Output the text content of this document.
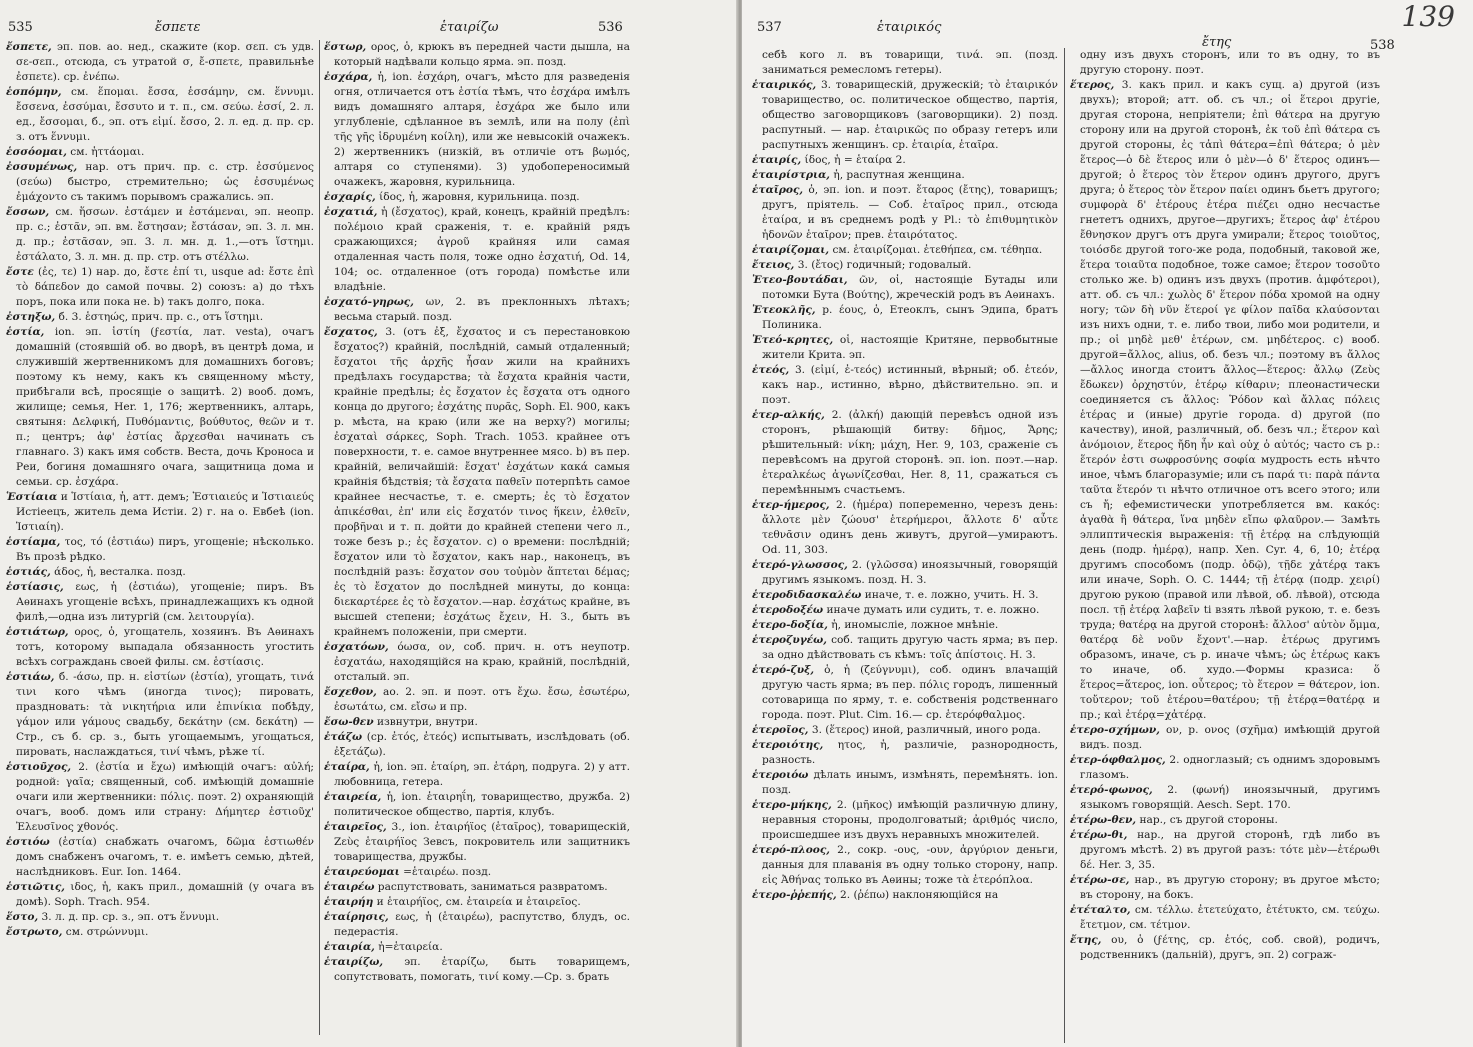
535	ἔσπετε	ἑταιρίζω	536

ἔσπετε, эп. пов. ао. нед., скажите (кор. σεπ. съ удв. σε-σεπ., отсюда, съ утратой σ, ἔ-σπετε, правильнѣе ἐσπετε). ср. ἐνέπω.

ἑσπόμην, см. ἕπομαι. ἔσσα, ἑσσάμην, см. ἕννυμι. ἔσσενα, ἐσσύμαι, ἔσσυτο и т. п., см. σεύω. ἐσσί, 2. л. ед., ἔσσομαι, б., эп. отъ εἰμί. ἔσσο, 2. л. ед. д. пр. ср. з. отъ ἕννυμι.

ἑσσόομαι, см. ἡττάομαι.

ἐσσυμένως, нар. отъ прич. пр. с. стр. ἐσσύμενος (σεύω) быстро, стремительно; ὡς ἐσσυμένως ἐμάχοντο съ такимъ порывомъ сражались. эп.

ἔσσων, см. ἥσσων. ἐστάμεν и ἐστάμεναι, эп. неопр. пр. с.; ἐστᾶν, эп. вм. ἔστησαν; ἔστάσαν, эп. 3. л. мн. д. пр.; ἐστᾶσαν, эп. 3. л. мн. д. 1.,—отъ ἵστημι. ἐστάλατο, 3. л. мн. д. пр. стр. отъ στέλλω.

ἔστε (ἐς, τε) 1) нар. до, ἔστε ἐπί τι, usque ad: ἔστε ἐπὶ τὸ δάπεδον до самой почвы. 2) союзъ: а) до тѣхъ поръ, пока или пока не. b) такъ долго, пока.

ἐστηξω, б. 3. ἑστηώς, прич. пр. с., отъ ἵστημι.

ἑστία, ion. эп. ἱστίη (ϝεστία, лат. vesta), очагъ домашній (стоявшій об. во дворѣ, въ центрѣ дома, и служившій жертвенникомъ для домашнихъ боговъ; поэтому къ нему, какъ къ священному мѣсту, прибѣгали всѣ, просящіе о защитѣ. 2) вооб. домъ, жилище; семья, Her. 1, 176; жертвенникъ, алтарь, святыня: Δελφική, Πυθόμαντις, βούθυτος, θεῶν и т. п.; центръ; ἀφ' ἑστίας ἄρχεσθαι начинать съ главнаго. 3) какъ имя собств. Веста, дочь Кроноса и Реи, богиня домашняго очага, защитница дома и семьи. ср. ἐσχάρα.

Ἑστίαια и Ἱστίαια, ἡ, атт. демъ; Ἑστιαιεύς и Ἱστιαιεύς Истіеецъ, житель дема Истіи. 2) г. на о. Евбеѣ (ion. Ἱστιαίη).

ἑστίαμα, τος, τό (ἑστιάω) пиръ, угощеніе; нѣсколько. Въ прозѣ рѣдко.

ἑστιάς, άδος, ἡ, весталка. позд.

ἑστίασις, εως, ἡ (ἑστιάω), угощеніе; пиръ. Въ Аѳинахъ угощеніе всѣхъ, принадлежащихъ къ одной филѣ,—одна изъ литургій (см. λειτουργία).

ἑστιάτωρ, ορος, ὁ, угощатель, хозяинъ. Въ Аѳинахъ тотъ, которому выпадала обязанность угостить всѣхъ сограждань своей филы. см. ἑστίασις.

ἑστιάω, б. -άσω, пр. н. εἱστίων (ἑστία), угощать, τινά τινι кого чѣмъ (иногда τινος); пировать, праздновать: τὰ νικητήρια или ἐπινίκια побѣду, γάμον или γάμους свадьбу, δεκάτην (см. δεκάτη) — Стр., съ б. ср. з., быть угощаемымъ, угощаться, пировать, наслаждаться, τινί чѣмъ, рѣже τί.

ἑστιοῦχος, 2. (ἑστία и ἔχω) имѣющій очагъ: αὐλή; родной: γαῖα; священный, соб. имѣющій домашніе очаги или жертвенники: πόλις. поэт. 2) охраняющій очагъ, вооб. домъ или страну: Δήμητερ ἑστιοῦχ' Ἐλευσῖνος χθονός.

ἑστιόω (ἑστία) снабжать очагомъ, δῶμα ἑστιωθέν домъ снабженъ очагомъ, т. е. имѣетъ семью, дѣтей, наслѣдниковъ. Eur. Ion. 1464.

ἑστιῶτις, ιδος, ἡ, какъ прил., домашній (у очага въ домѣ). Soph. Trach. 954.

ἕστο, 3. л. д. пр. ср. з., эп. отъ ἕννυμι.

ἔστρωτο, см. στρώννυμι.

ἕστωρ, ορος, ὁ, крюкъ въ передней части дышла, на который надѣвали кольцо ярма. эп. позд.

ἐσχάρα, ἡ, ion. ἐσχάρη, очагъ, мѣсто для разведенія огня, отличается отъ ἑστία тѣмъ, что ἐσχάρα имѣлъ видъ домашняго алтаря, ἐσχάρα же было или углубленіе, сдѣланное въ землѣ, или на полу (ἐπὶ τῆς γῆς ἱδρυμένη κοίλη), или же невысокій очажекъ. 2) жертвенникъ (низкій, въ отличіе отъ βωμός, алтаря со ступенями). 3) удобопереносимый очажекъ, жаровня, курильница.

ἐσχαρίς, ίδος, ἡ, жаровня, курильница. позд.

ἐσχατιά, ἡ (ἔσχατος), край, конецъ, крайній предѣлъ: πολέμοιο край сраженія, т. е. крайній рядъ сражающихся; ἀγροῦ крайняя или самая отдаленная часть поля, тоже одно ἐσχατιή, Od. 14, 104; ос. отдаленное (отъ города) помѣстье или владѣніе.

ἐσχατό-γηρως, ων, 2. въ преклонныхъ лѣтахъ; весьма старый. позд.

ἔσχατος, 3. (отъ ἐξ, ἔχσατος и съ перестановкою ἔσχατος?) крайній, послѣдній, самый отдаленный; ἔσχατοι τῆς ἀρχῆς ἦσαν жили на крайнихъ предѣлахъ государства; τὰ ἔσχατα крайнія части, крайніе предѣлы; ἐς ἔσχατον ἐς ἔσχατα отъ одного конца до другого; ἐσχάτης πυρᾶς, Soph. El. 900, какъ р. мѣста, на краю (или же на верху?) могилы; ἐσχαταὶ σάρκες, Soph. Trach. 1053. крайнее отъ поверхности, т. е. самое внутреннее мясо. b) въ пер. крайній, величайшій: ἔσχατ' ἐσχάτων κακά самыя крайнія бѣдствія; τὰ ἔσχατα παθεῖν потерпѣть самое крайнее несчастье, т. е. смерть; ἐς τὸ ἔσχατον ἀπικέσθαι, ἐπ' или εἰς ἔσχατόν τινος ἥκειν, ἐλθεῖν, προβῆναι и т. п. дойти до крайней степени чего л., тоже безъ р.; ἐς ἔσχατον. c) о времени: послѣдній; ἔσχατον или τὸ ἔσχατον, какъ нар., наконецъ, въ послѣдній разъ: ἔσχατον σου τοὐμὸν ἅπτεται δέμας; ἐς τὸ ἔσχατον до послѣдней минуты, до конца: διεκαρτέρεε ἐς τὸ ἔσχατον.—нар. ἐσχάτως крайне, въ высшей степени; ἐσχάτως ἔχειν, Н. З., быть въ крайнемъ положеніи, при смерти.

ἐσχατόων, όωσα, ον, соб. прич. н. отъ неупотр. ἐσχατάω, находящійся на краю, крайній, послѣдній, отсталый. эп.

ἔσχεθον, ао. 2. эп. и поэт. отъ ἔχω. ἔσω, ἐσωτέρω, ἐσωτάτω, см. εἴσω и пр.

ἔσω-θεν извнутри, внутри.

ἐτάζω (ср. ἐτός, ἐτεός) испытывать, изслѣдовать (об. ἐξετάζω).

ἑταίρα, ἡ, ion. эп. ἑταίρη, эп. ἑτάρη, подруга. 2) у атт. любовница, гетера.

ἑταιρεία, ἡ, ion. ἑταιρηΐη, товарищество, дружба. 2) политическое общество, партія, клубъ.

ἑταιρεῖος, 3., ion. ἑταιρήϊος (ἑταῖρος), товарищескій, Ζεὺς ἑταιρήϊος Зевсъ, покровитель или защитникъ товарищества, дружбы.

ἑταιρεύομαι =ἑταιρέω. позд.

ἑταιρέω распутствовать, заниматься развратомъ.

ἑταιρήη и ἑταιρήϊος, см. ἑταιρεία и ἑταιρεῖος.

ἑταίρησις, εως, ἡ (ἑταιρέω), распутство, блудъ, ос. педерастія.

ἑταιρία, ἡ=ἑταιρεία.

ἑταιρίζω, эп. ἑταρίζω, быть товарищемъ, сопутствовать, помогать, τινί кому.—Ср. з. брать

537	ἑταιρικός
ἔτης	538

себѣ кого л. въ товарищи, τινά. эп. (позд. заниматься ремесломъ гетеры).

ἑταιρικός, 3. товарищескій, дружескій; τὸ ἑταιρικόν товарищество, ос. политическое общество, партія, общество заговорщиковъ (заговорщики). 2) позд. распутный. — нар. ἑταιρικῶς по образу гетеръ или распутныхъ женщинъ. ср. ἑταιρία, ἑταῖρα.

ἑταιρίς, ίδος, ἡ = ἑταίρα 2.

ἑταιρίστρια, ἡ, распутная женщина.

ἑταῖρος, ὁ, эп. ion. и поэт. ἕταρος (ἔτης), товарищъ; другъ, пріятель. — Соб. ἑταῖρος прил., отсюда ἑταίρα, и въ среднемъ родѣ у Pl.: τὸ ἐπιθυμητικὸν ἡδονῶν ἑταῖρον; прев. ἑταιρότατος.

ἑταιρίζομαι, см. ἑταιρίζομαι. ἐτεθήπεα, см. τέθηπα.

ἔτειος, 3. (ἔτος) годичный; годовалый.

Ἐτεο-βουτάδαι, ῶν, οἱ, настоящіе Бутады или потомки Бута (Βούτης), жреческій родъ въ Аѳинахъ.

Ἐτεοκλῆς, р. έους, ὁ, Етеоклъ, сынъ Эдипа, братъ Полиника.

Ἐτεό-κρητες, οἱ, настоящіе Критяне, первобытные жители Крита. эп.

ἐτεός, 3. (εἰμί, ἐ-τεός) истинный, вѣрный; об. ἐτεόν, какъ нар., истинно, вѣрно, дѣйствительно. эп. и поэт.

ἑτερ-αλκής, 2. (ἀλκή) дающій перевѣсъ одной изъ сторонъ, рѣшающій битву: δῆμος, Ἄρης; рѣшительный: νίκη; μάχη, Her. 9, 103, сраженіе съ перевѣсомъ на другой сторонѣ. эп. ion. поэт.—нар. ἑτεραλκέως ἀγωνίζεσθαι, Her. 8, 11, сражаться съ перемѣннымъ счастьемъ.

ἑτερ-ήμερος, 2. (ἡμέρα) попеременно, черезъ день: ἄλλοτε μὲν ζώουσ' ἑτερήμεροι, ἄλλοτε δ' αὖτε τεθνᾶσιν одинъ день живутъ, другой—умираютъ. Od. 11, 303.

ἑτερό-γλωσσος, 2. (γλῶσσα) иноязычный, говорящій другимъ языкомъ. позд. Н. З.

ἑτεροδιδασκαλέω иначе, т. е. ложно, учить. Н. З.

ἑτεροδοξέω иначе думать или судить, т. е. ложно.

ἑτερο-δοξία, ἡ, иномысліе, ложное мнѣніе.

ἑτεροζυγέω, соб. тащить другую часть ярма; въ пер. за одно дѣйствовать съ кѣмъ: τοῖς ἀπίστοις. Н. З.

ἑτερό-ζυξ, ὁ, ἡ (ζεύγνυμι), соб. одинъ влачащій другую часть ярма; въ пер. πόλις городъ, лишенный сотоварища по ярму, т. е. собственія родственнаго города. поэт. Plut. Cim. 16.— ср. ἑτερόφθαλμος.

ἑτεροῖος, 3. (ἕτερος) иной, различный, иного рода.

ἑτεροιότης, ητος, ἡ, различіе, разнородность, разность.

ἑτεροιόω дѣлать инымъ, измѣнять, перемѣнять. ion. позд.

ἑτερο-μήκης, 2. (μῆκος) имѣющій различную длину, неравныя стороны, продолговатый; ἀριθμός число, происшедшее изъ двухъ неравныхъ множителей.

ἑτερό-πλοος, 2., сокр. -ους, -ουν, ἀργύριον деньги, данныя для плаванія въ одну только сторону, напр. εἰς Ἀθήνας только въ Аѳины; тоже τὰ ἑτερόπλοα.

ἑτερο-ῥῥεπής, 2. (ῥέπω) наклоняющійся на

одну изъ двухъ сторонъ, или то въ одну, то въ другую сторону. поэт.

ἕτερος, 3. какъ прил. и какъ сущ. а) другой (изъ двухъ); второй; атт. об. съ чл.; οἱ ἕτεροι другіе, другая сторона, непріятели; ἐπὶ θάτερα на другую сторону или на другой сторонѣ, ἐκ τοῦ ἐπὶ θάτερα съ другой стороны, ἐς τἀπὶ θάτερα=ἐπὶ θάτερα; ὁ μὲν ἕτερος—ὁ δὲ ἕτερος или ὁ μὲν—ὁ δ' ἕτερος одинъ—другой; ὁ ἕτερος τὸν ἕτερον одинъ другого, другъ друга; ὁ ἕτερος τὸν ἕτερον παίει одинъ бьетъ другого; συμφορὰ δ' ἑτέρους ἑτέρα πιέζει одно несчастье гнететъ однихъ, другое—другихъ; ἕτερος ἀφ' ἑτέρου ἔθνησκον другъ отъ друга умирали; ἕτερος τοιοῦτος, τοιόσδε другой того-же рода, подобный, таковой же, ἕτερα τοιαῦτα подобное, тоже самое; ἕτερον τοσοῦτο столько же. b) одинъ изъ двухъ (против. ἀμφότεροι), атт. об. съ чл.: χωλὸς δ' ἕτερον πόδα хромой на одну ногу; τῶν δὴ νῦν ἕτεροί γε φίλον παῖδα κλαύσονται изъ нихъ одни, т. е. либо твои, либо мои родители, и пр.; οἱ μηδὲ μεθ' ἑτέρων, см. μηδέτερος. c) вооб. другой=ἄλλος, alius, об. безъ чл.; поэтому въ ἄλλος—ἄλλος иногда стоитъ ἄλλος—ἕτερος: ἄλλῳ (Ζεὺς ἔδωκεν) ὀρχηστύν, ἑτέρῳ κίθαριν; плеонастически соединяется съ ἄλλος: Ῥόδον καὶ ἄλλας πόλεις ἑτέρας и (иные) другіе города. d) другой (по качеству), иной, различный, об. безъ чл.; ἕτερον καὶ ἀνόμοιον, ἕτερος ἤδη ἦν καὶ οὐχ ὁ αὐτός; часто съ р.: ἕτερόν ἐστι σωφροσύνης σοφία мудрость есть нѣчто иное, чѣмъ благоразуміе; или съ παρά τι: παρὰ πάντα ταῦτα ἕτερόν τι нѣчто отличное отъ всего этого; или съ ἤ; ефемистически употребляется вм. κακός: ἀγαθὰ ἢ θάτερα, ἵνα μηδὲν εἴπω φλαῦρον.— Замѣть эллиптическія выраженія: τῇ ἑτέρᾳ на слѣдующій день (подр. ἡμέρᾳ), напр. Xen. Cyr. 4, 6, 10; ἑτέρᾳ другимъ способомъ (подр. ὁδῷ), τῇδε χἀτέρᾳ такъ или иначе, Soph. O. C. 1444; τῇ ἑτέρᾳ (подр. χειρί) другою рукою (правой или лѣвой, об. лѣвой), отсюда посл. τῇ ἑτέρᾳ λαβεῖν ti взять лѣвой рукою, т. е. безъ труда; θατέρᾳ на другой сторонѣ: ἄλλοσ' αὐτὸν ὄμμα, θατέρᾳ δὲ νοῦν ἔχοντ'.—нар. ἑτέρως другимъ образомъ, иначе, съ р. иначе чѣмъ; ὡς ἑτέρως какъ то иначе, об. худо.—Формы кразиса: ὅ ἕτερος=ἅτερος, ion. οὗτερος; τὸ ἕτερον = θάτερον, ion. τοὔτερον; τοῦ ἑτέρου=θατέρου; τῇ ἑτέρᾳ=θατέρᾳ и пр.; καὶ ἑτέρᾳ=χἀτέρᾳ.

ἑτερο-σχήμων, ον, р. ονος (σχῆμα) имѣющій другой видъ. позд.

ἑτερ-όφθαλμος, 2. одноглазый; съ однимъ здоровымъ глазомъ.

ἑτερό-φωνος, 2. (φωνή) иноязычный, другимъ языкомъ говорящій. Aesch. Sept. 170.

ἑτέρω-θεν, нар., съ другой стороны.

ἑτέρω-θι, нар., на другой сторонѣ, гдѣ либо въ другомъ мѣстѣ. 2) въ другой разъ: τότε μὲν—ἑτέρωθι δέ. Her. 3, 35.

ἑτέρω-σε, нар., въ другую сторону; въ другое мѣсто; въ сторону, на бокъ.

ἐτέταλτο, см. τέλλω. ἐτετεύχατο, ἐτέτυκτο, см. τεύχω. ἔτετμον, см. τέτμον.

ἔτης, ου, ὁ (ϝέτης, ср. ἐτός, соб. свой), родичъ, родственникъ (дальній), другъ, эп. 2) сограж-

139
